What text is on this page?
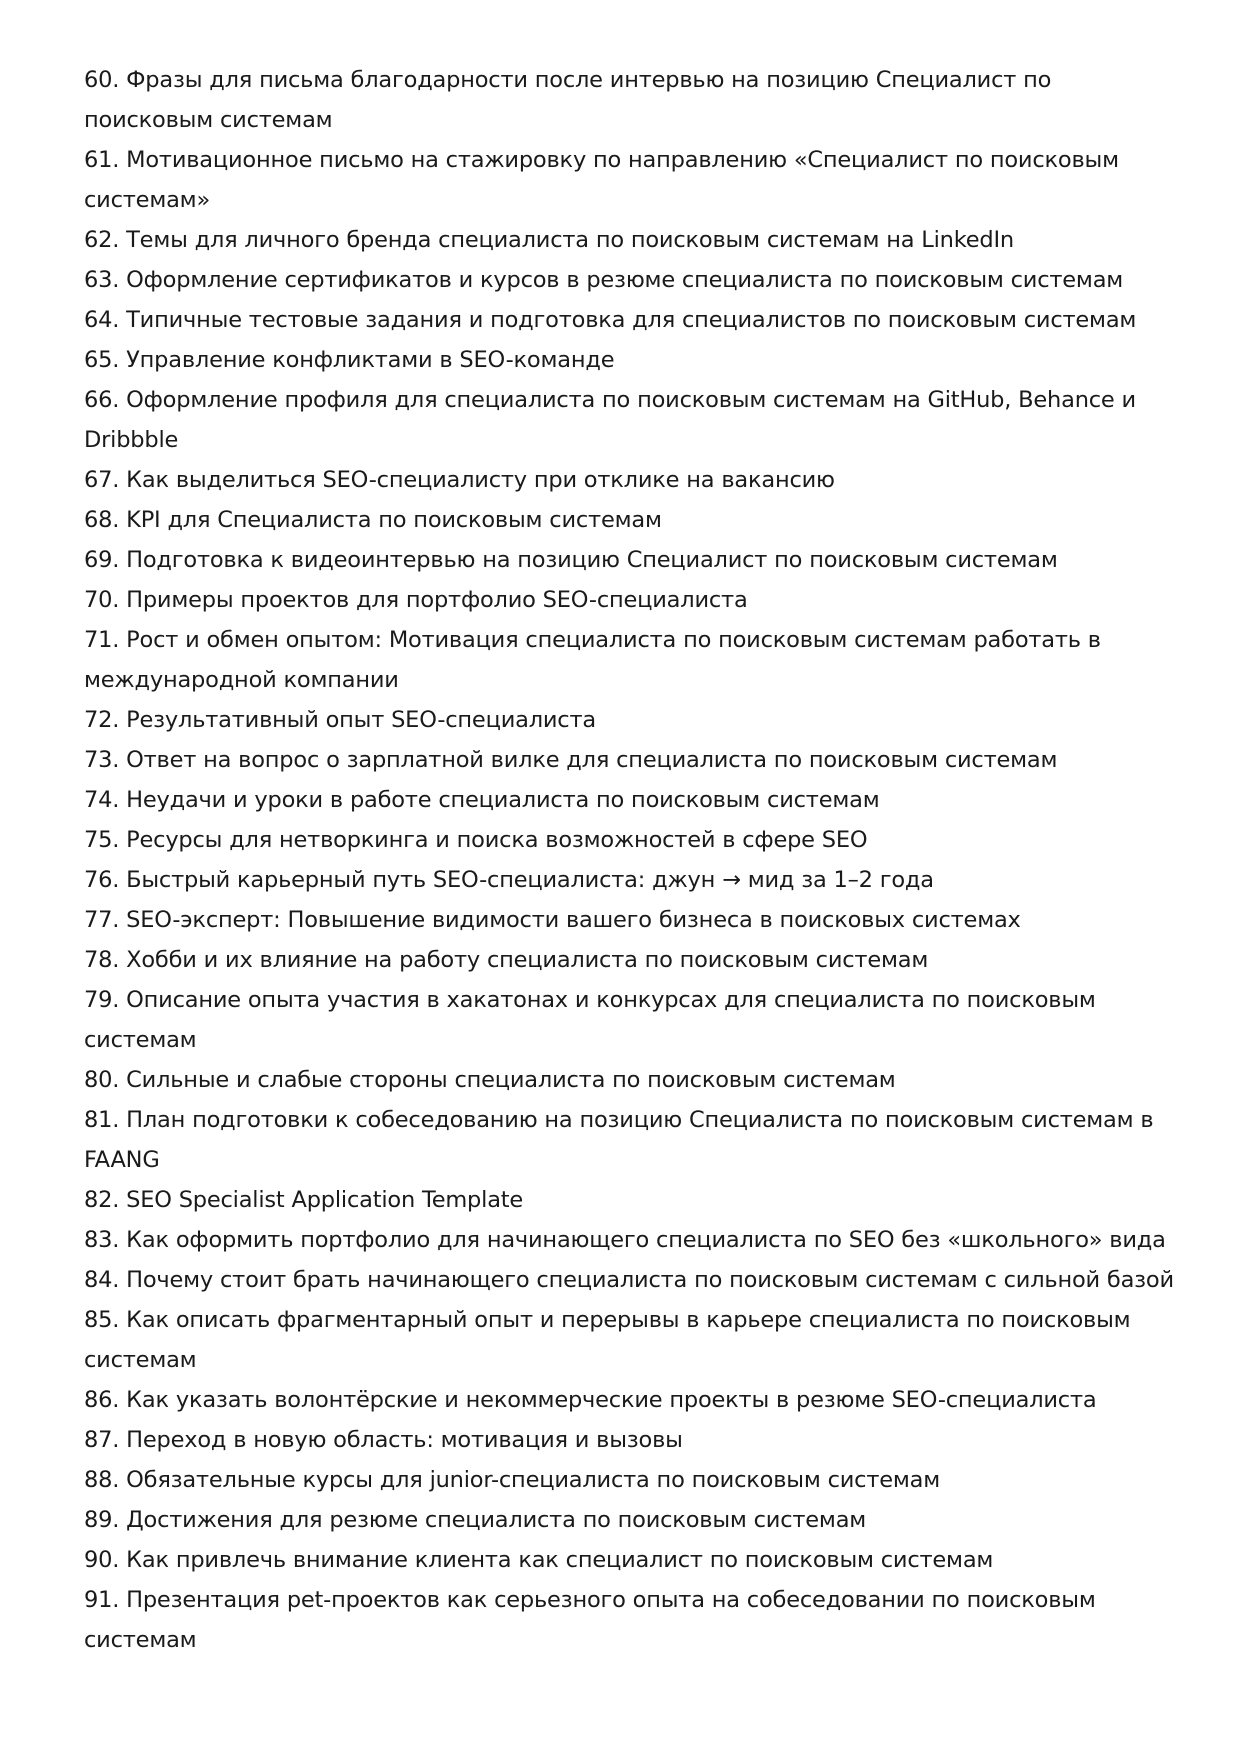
60. Фразы для письма благодарности после интервью на позицию Специалист по поисковым системам

61. Мотивационное письмо на стажировку по направлению «Специалист по поисковым системам»

62. Темы для личного бренда специалиста по поисковым системам на LinkedIn

63. Оформление сертификатов и курсов в резюме специалиста по поисковым системам

64. Типичные тестовые задания и подготовка для специалистов по поисковым системам

65. Управление конфликтами в SEO-команде

66. Оформление профиля для специалиста по поисковым системам на GitHub, Behance и Dribbble

67. Как выделиться SEO-специалисту при отклике на вакансию

68. KPI для Специалиста по поисковым системам

69. Подготовка к видеоинтервью на позицию Специалист по поисковым системам

70. Примеры проектов для портфолио SEO-специалиста

71. Рост и обмен опытом: Мотивация специалиста по поисковым системам работать в международной компании

72. Результативный опыт SEO-специалиста

73. Ответ на вопрос о зарплатной вилке для специалиста по поисковым системам

74. Неудачи и уроки в работе специалиста по поисковым системам

75. Ресурсы для нетворкинга и поиска возможностей в сфере SEO

76. Быстрый карьерный путь SEO-специалиста: джун → мид за 1–2 года

77. SEO-эксперт: Повышение видимости вашего бизнеса в поисковых системах

78. Хобби и их влияние на работу специалиста по поисковым системам

79. Описание опыта участия в хакатонах и конкурсах для специалиста по поисковым системам

80. Сильные и слабые стороны специалиста по поисковым системам

81. План подготовки к собеседованию на позицию Специалиста по поисковым системам в FAANG

82. SEO Specialist Application Template

83. Как оформить портфолио для начинающего специалиста по SEO без «школьного» вида

84. Почему стоит брать начинающего специалиста по поисковым системам с сильной базой

85. Как описать фрагментарный опыт и перерывы в карьере специалиста по поисковым системам

86. Как указать волонтёрские и некоммерческие проекты в резюме SEO-специалиста

87. Переход в новую область: мотивация и вызовы

88. Обязательные курсы для junior-специалиста по поисковым системам

89. Достижения для резюме специалиста по поисковым системам

90. Как привлечь внимание клиента как специалист по поисковым системам

91. Презентация pet-проектов как серьезного опыта на собеседовании по поисковым системам
